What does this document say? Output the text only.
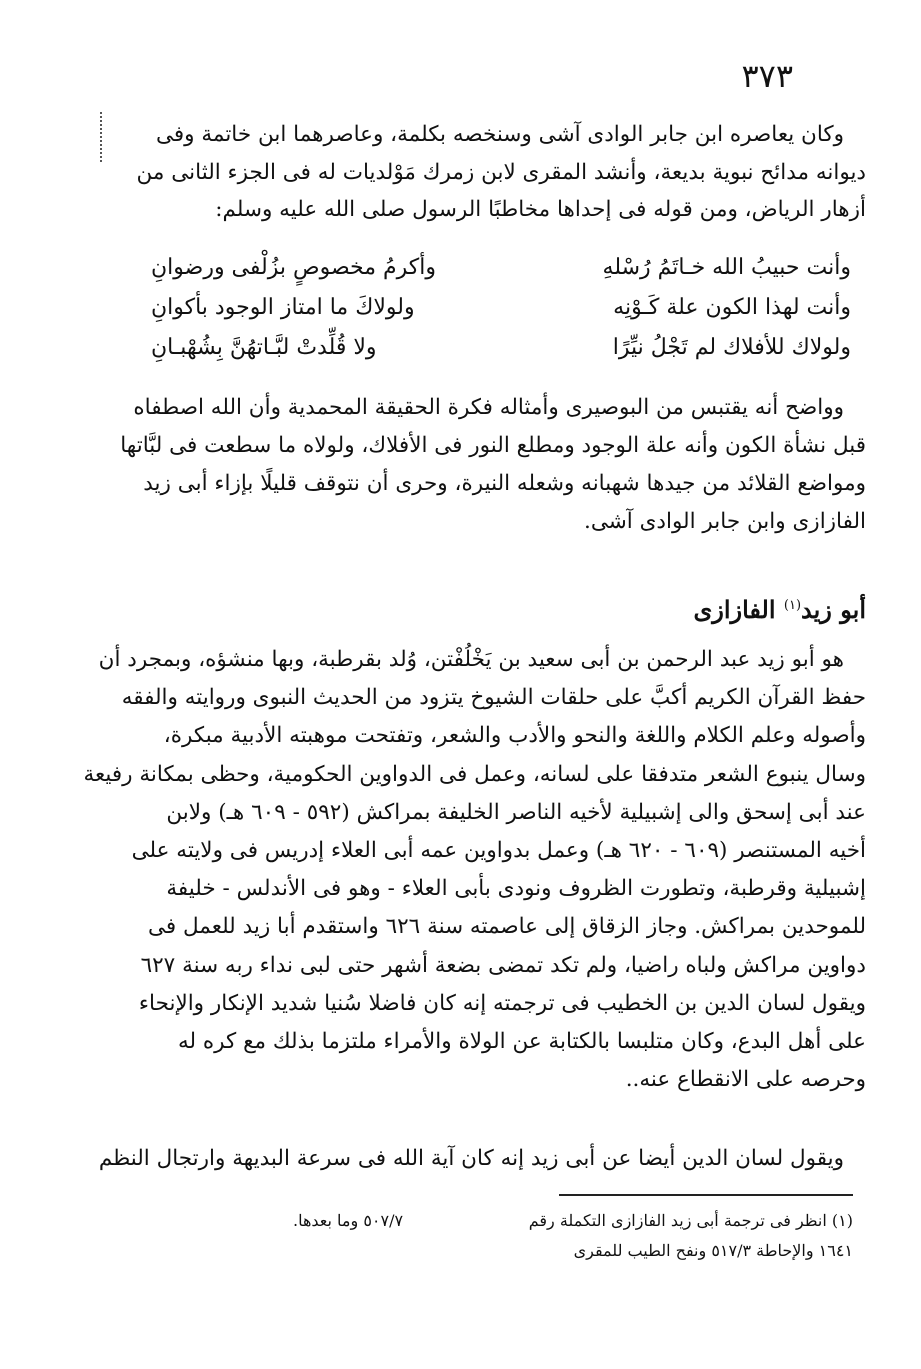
٣٧٣
وكان يعاصره ابن جابر الوادى آشى وسنخصه بكلمة، وعاصرهما ابن خاتمة وفى
ديوانه مدائح نبوية بديعة، وأنشد المقرى لابن زمرك مَوْلديات له فى الجزء الثانى من
أزهار الرياض، ومن قوله فى إحداها مخاطبًا الرسول صلى الله عليه وسلم:
وأنت حبيبُ الله خـاتَمُ رُسْلهِ
وأكرمُ مخصوصٍ بزُلْفى ورضوانِ
وأنت لهذا الكون علة كَـوْنِه
ولولاكَ ما امتاز الوجود بأكوانِ
ولولاك للأفلاك لم تَجْلُ نيِّرًا
ولا قُلِّدتْ لبَّـاتهُنَّ بِشُهْبـانِ
وواضح أنه يقتبس من البوصيرى وأمثاله فكرة الحقيقة المحمدية وأن الله اصطفاه
قبل نشأة الكون وأنه علة الوجود ومطلع النور فى الأفلاك، ولولاه ما سطعت فى لبَّاتها
ومواضع القلائد من جيدها شهبانه وشعله النيرة، وحرى أن نتوقف قليلًا بإزاء أبى زيد
الفازازى وابن جابر الوادى آشى.
أبو زيد$^{(١)}$ الفازازى
هو أبو زيد عبد الرحمن بن أبى سعيد بن يَخْلُفْتن، وُلد بقرطبة، وبها منشؤه، وبمجرد أن
حفظ القرآن الكريم أكبَّ على حلقات الشيوخ يتزود من الحديث النبوى وروايته والفقه
وأصوله وعلم الكلام واللغة والنحو والأدب والشعر، وتفتحت موهبته الأدبية مبكرة،
وسال ينبوع الشعر متدفقا على لسانه، وعمل فى الدواوين الحكومية، وحظى بمكانة رفيعة
عند أبى إسحق والى إشبيلية لأخيه الناصر الخليفة بمراكش (٥٩٢ - ٦٠٩ هـ) ولابن
أخيه المستنصر (٦٠٩ - ٦٢٠ هـ) وعمل بدواوين عمه أبى العلاء إدريس فى ولايته على
إشبيلية وقرطبة، وتطورت الظروف ونودى بأبى العلاء - وهو فى الأندلس - خليفة
للموحدين بمراكش. وجاز الزقاق إلى عاصمته سنة ٦٢٦ واستقدم أبا زيد للعمل فى
دواوين مراكش ولباه راضيا، ولم تكد تمضى بضعة أشهر حتى لبى نداء ربه سنة ٦٢٧
ويقول لسان الدين بن الخطيب فى ترجمته إنه كان فاضلا سُنيا شديد الإنكار والإنحاء
على أهل البدع، وكان متلبسا بالكتابة عن الولاة والأمراء ملتزما بذلك مع كره له
وحرصه على الانقطاع عنه..
ويقول لسان الدين أيضا عن أبى زيد إنه كان آية الله فى سرعة البديهة وارتجال النظم
(١) انظر فى ترجمة أبى زيد الفازازى التكملة رقم
٥٠٧/٧ وما بعدها.
١٦٤١ والإحاطة ٥١٧/٣ ونفح الطيب للمقرى
